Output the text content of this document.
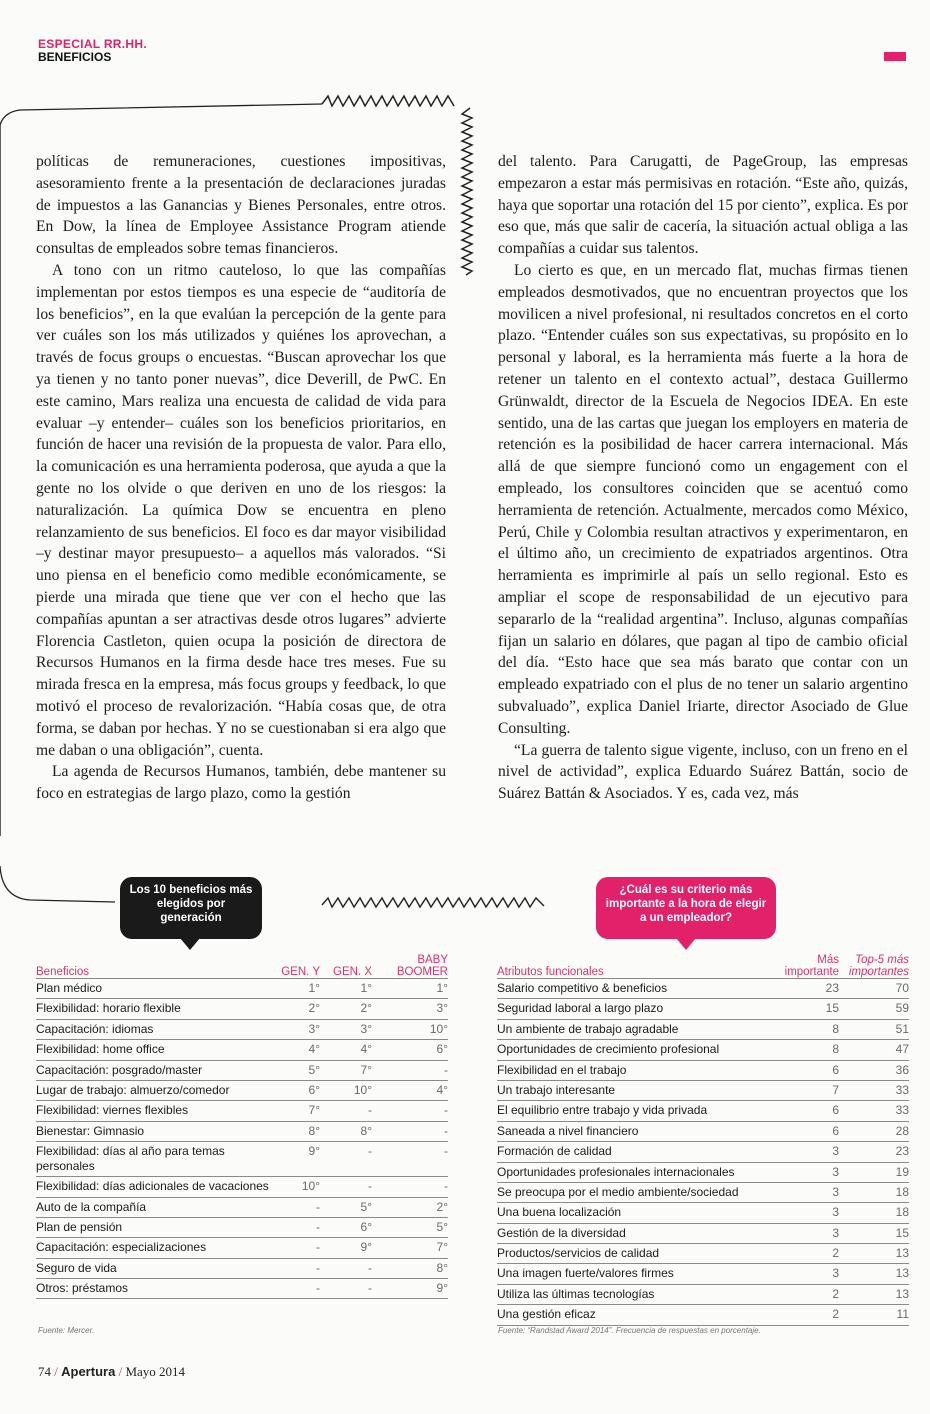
ESPECIAL RR.HH.
BENEFICIOS

políticas de remuneraciones, cuestiones impositivas, asesoramiento frente a la presentación de declaraciones juradas de impuestos a las Ganancias y Bienes Personales, entre otros. En Dow, la línea de Employee Assistance Program atiende consultas de empleados sobre temas financieros.

A tono con un ritmo cauteloso, lo que las compañías implementan por estos tiempos es una especie de “auditoría de los beneficios”, en la que evalúan la percepción de la gente para ver cuáles son los más utilizados y quiénes los aprovechan, a través de focus groups o encuestas. “Buscan aprovechar los que ya tienen y no tanto poner nuevas”, dice Deverill, de PwC. En este camino, Mars realiza una encuesta de calidad de vida para evaluar –y entender– cuáles son los beneficios prioritarios, en función de hacer una revisión de la propuesta de valor. Para ello, la comunicación es una herramienta poderosa, que ayuda a que la gente no los olvide o que deriven en uno de los riesgos: la naturalización. La química Dow se encuentra en pleno relanzamiento de sus beneficios. El foco es dar mayor visibilidad –y destinar mayor presupuesto– a aquellos más valorados. “Si uno piensa en el beneficio como medible económicamente, se pierde una mirada que tiene que ver con el hecho que las compañías apuntan a ser atractivas desde otros lugares” advierte Florencia Castleton, quien ocupa la posición de directora de Recursos Humanos en la firma desde hace tres meses. Fue su mirada fresca en la empresa, más focus groups y feedback, lo que motivó el proceso de revalorización. “Había cosas que, de otra forma, se daban por hechas. Y no se cuestionaban si era algo que me daban o una obligación”, cuenta.

La agenda de Recursos Humanos, también, debe mantener su foco en estrategias de largo plazo, como la gestión

del talento. Para Carugatti, de PageGroup, las empresas empezaron a estar más permisivas en rotación. “Este año, quizás, haya que soportar una rotación del 15 por ciento”, explica. Es por eso que, más que salir de cacería, la situación actual obliga a las compañías a cuidar sus talentos.

Lo cierto es que, en un mercado flat, muchas firmas tienen empleados desmotivados, que no encuentran proyectos que los movilicen a nivel profesional, ni resultados concretos en el corto plazo. “Entender cuáles son sus expectativas, su propósito en lo personal y laboral, es la herramienta más fuerte a la hora de retener un talento en el contexto actual”, destaca Guillermo Grünwaldt, director de la Escuela de Negocios IDEA. En este sentido, una de las cartas que juegan los employers en materia de retención es la posibilidad de hacer carrera internacional. Más allá de que siempre funcionó como un engagement con el empleado, los consultores coinciden que se acentuó como herramienta de retención. Actualmente, mercados como México, Perú, Chile y Colombia resultan atractivos y experimentaron, en el último año, un crecimiento de expatriados argentinos. Otra herramienta es imprimirle al país un sello regional. Esto es ampliar el scope de responsabilidad de un ejecutivo para separarlo de la “realidad argentina”. Incluso, algunas compañías fijan un salario en dólares, que pagan al tipo de cambio oficial del día. “Esto hace que sea más barato que contar con un empleado expatriado con el plus de no tener un salario argentino subvaluado”, explica Daniel Iriarte, director Asociado de Glue Consulting.

“La guerra de talento sigue vigente, incluso, con un freno en el nivel de actividad”, explica Eduardo Suárez Battán, socio de Suárez Battán & Asociados. Y es, cada vez, más

Los 10 beneficios más elegidos por generación
¿Cuál es su criterio más importante a la hora de elegir a un empleador?
Beneficios	GEN. Y	GEN. X	BABY BOOMER
Plan médico	1°	1°	1°
Flexibilidad: horario flexible	2°	2°	3°
Capacitación: idiomas	3°	3°	10°
Flexibilidad: home office	4°	4°	6°
Capacitación: posgrado/master	5°	7°	-
Lugar de trabajo: almuerzo/comedor	6°	10°	4°
Flexibilidad: viernes flexibles	7°	-	-
Bienestar: Gimnasio	8°	8°	-
Flexibilidad: días al año para temas personales	9°	-	-
Flexibilidad: días adicionales de vacaciones	10°	-	-
Auto de la compañía	-	5°	2°
Plan de pensión	-	6°	5°
Capacitación: especializaciones	-	9°	7°
Seguro de vida	-	-	8°
Otros: préstamos	-	-	9°
Fuente: Mercer.
Atributos funcionales	Más importante	Top-5 más importantes
Salario competitivo & beneficios	23	70
Seguridad laboral a largo plazo	15	59
Un ambiente de trabajo agradable	8	51
Oportunidades de crecimiento profesional	8	47
Flexibilidad en el trabajo	6	36
Un trabajo interesante	7	33
El equilibrio entre trabajo y vida privada	6	33
Saneada a nivel financiero	6	28
Formación de calidad	3	23
Oportunidades profesionales internacionales	3	19
Se preocupa por el medio ambiente/sociedad	3	18
Una buena localización	3	18
Gestión de la diversidad	3	15
Productos/servicios de calidad	2	13
Una imagen fuerte/valores firmes	3	13
Utiliza las últimas tecnologías	2	13
Una gestión eficaz	2	11
Fuente: “Randstad Award 2014”. Frecuencia de respuestas en porcentaje.
74 / Apertura / Mayo 2014
